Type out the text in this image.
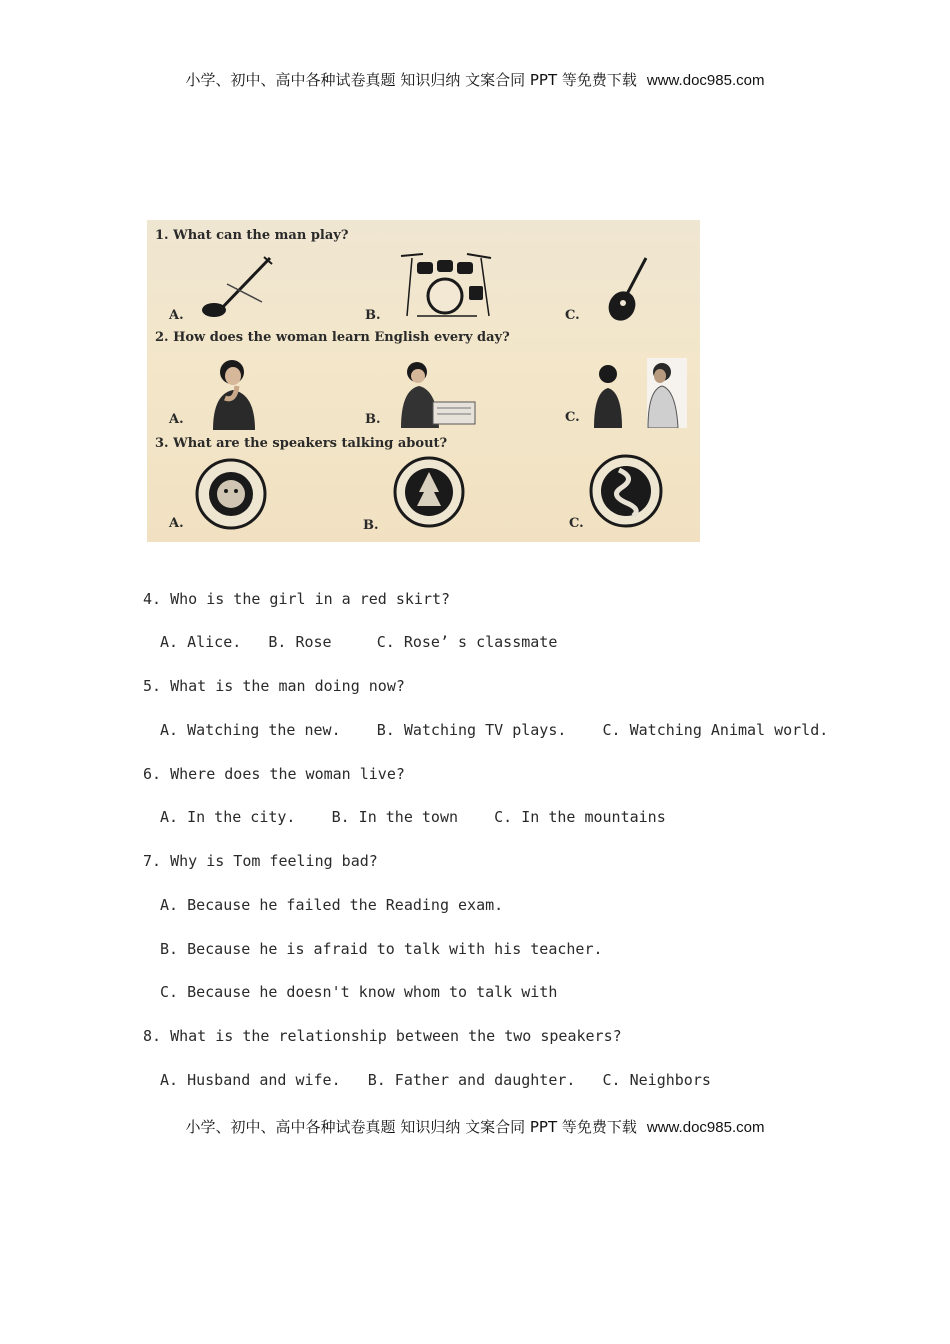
小学、初中、高中各种试卷真题 知识归纳 文案合同 PPT 等免费下载 www.doc985.com
1. What can the man play?
A.	B.	C.
2. How does the woman learn English every day?
A.	B.	C.
3. What are the speakers talking about?
A.	B.	C.
4. Who is the girl in a red skirt?
A. Alice.   B. Rose     C. Rose’ s classmate
5. What is the man doing now?
A. Watching the new.    B. Watching TV plays.    C. Watching Animal world.
6. Where does the woman live?
A. In the city.    B. In the town    C. In the mountains
7. Why is Tom feeling bad?
A. Because he failed the Reading exam.
B. Because he is afraid to talk with his teacher.
C. Because he doesn't know whom to talk with
8. What is the relationship between the two speakers?
A. Husband and wife.   B. Father and daughter.   C. Neighbors
小学、初中、高中各种试卷真题 知识归纳 文案合同 PPT 等免费下载 www.doc985.com
